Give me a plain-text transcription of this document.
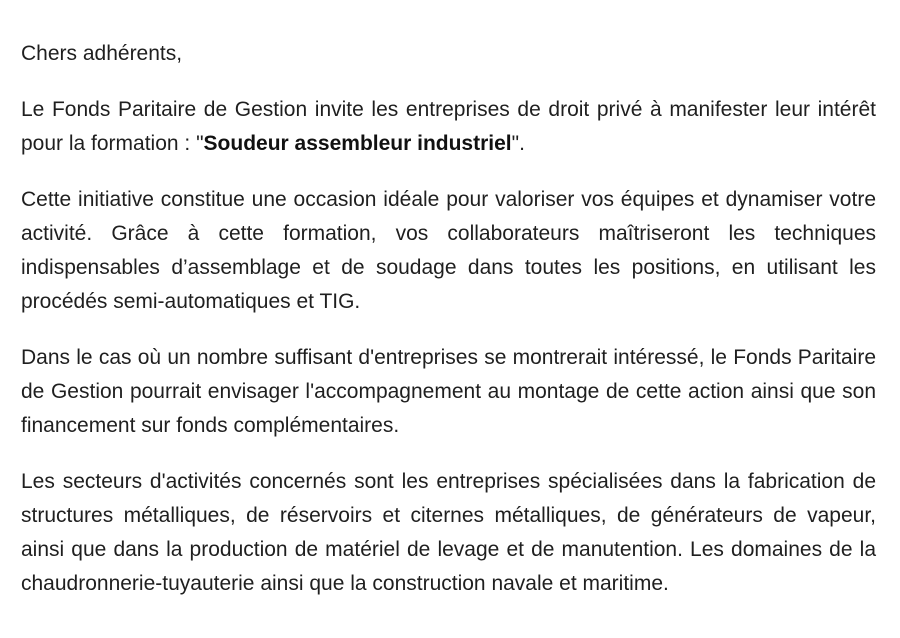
Chers adhérents,

Le Fonds Paritaire de Gestion invite les entreprises de droit privé à manifester leur intérêt pour la formation : "Soudeur assembleur industriel".

Cette initiative constitue une occasion idéale pour valoriser vos équipes et dynamiser votre activité. Grâce à cette formation, vos collaborateurs maîtriseront les techniques indispensables d’assemblage et de soudage dans toutes les positions, en utilisant les procédés semi-automatiques et TIG.

Dans le cas où un nombre suffisant d'entreprises se montrerait intéressé, le Fonds Paritaire de Gestion pourrait envisager l'accompagnement au montage de cette action ainsi que son financement sur fonds complémentaires.

Les secteurs d'activités concernés sont les entreprises spécialisées dans la fabrication de structures métalliques, de réservoirs et citernes métalliques, de générateurs de vapeur, ainsi que dans la production de matériel de levage et de manutention. Les domaines de la chaudronnerie-tuyauterie ainsi que la construction navale et maritime.
